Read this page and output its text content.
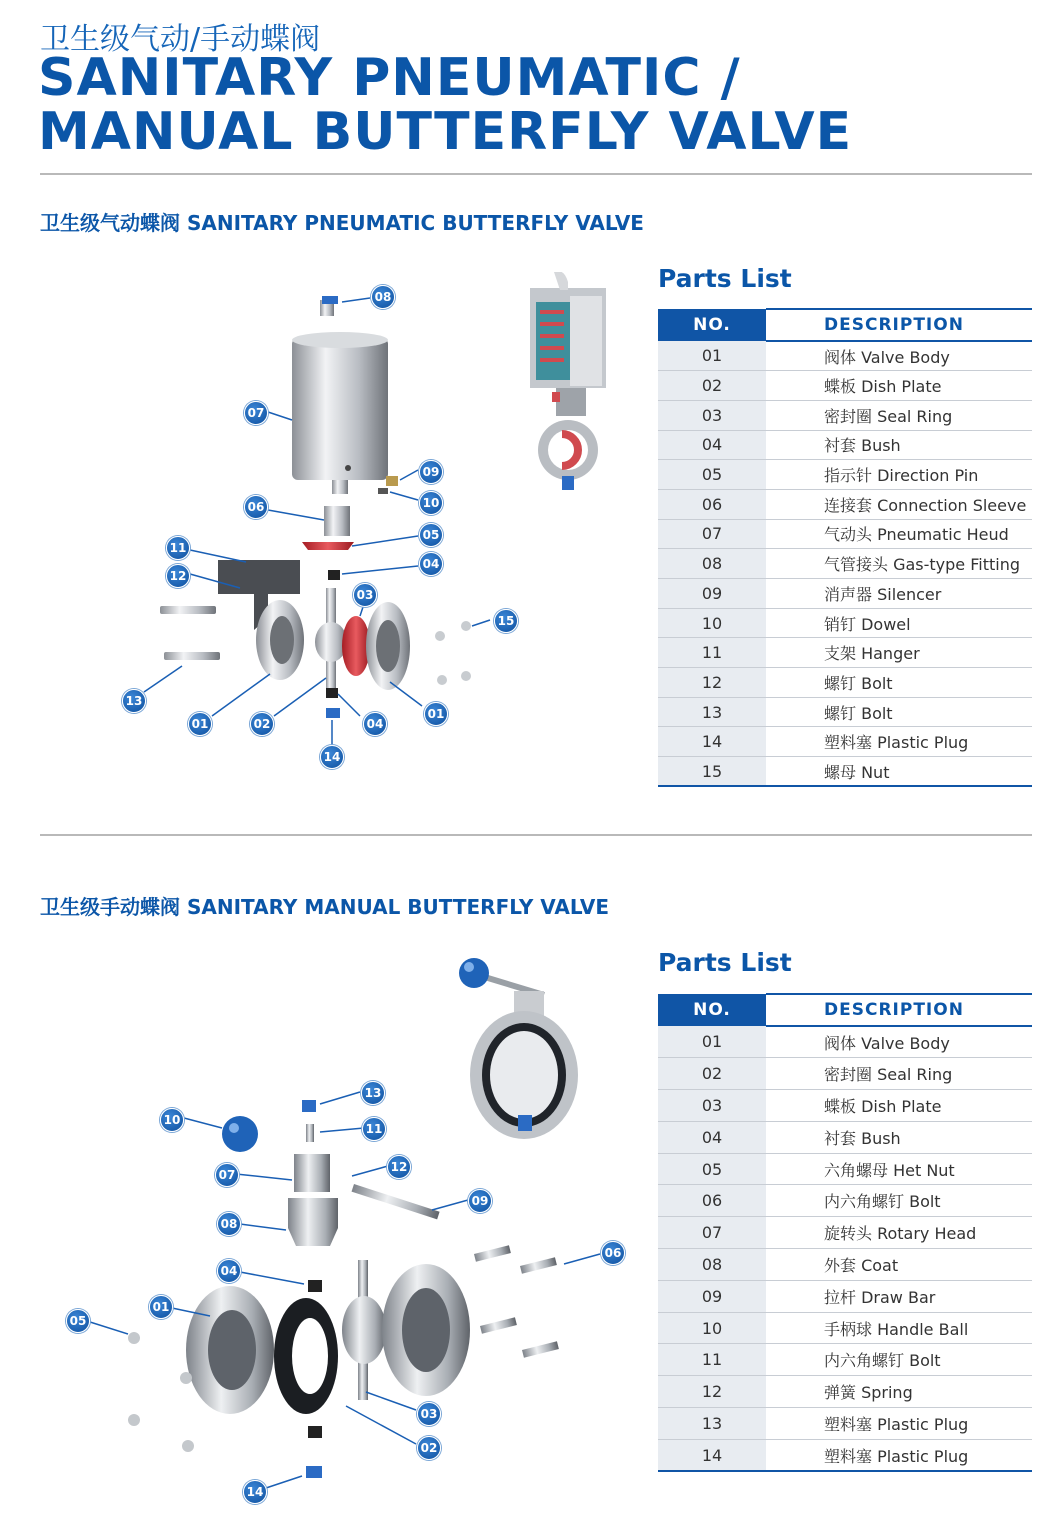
卫生级气动/手动蝶阀
SANITARY PNEUMATIC /
MANUAL BUTTERFLY VALVE
卫生级气动蝶阀 SANITARY PNEUMATIC BUTTERFLY VALVE
08
07
09
10
06
05
11
04
12
03
15
13
01	02	04
01
14
Parts List
NO.	DESCRIPTION
01	阀体 Valve Body
02	蝶板 Dish Plate
03	密封圈 Seal Ring
04	衬套 Bush
05	指示针 Direction Pin
06	连接套 Connection Sleeve
07	气动头 Pneumatic Heud
08	气管接头 Gas-type Fitting
09	消声器 Silencer
10	销钉 Dowel
11	支架 Hanger
12	螺钉 Bolt
13	螺钉 Bolt
14	塑料塞 Plastic Plug
15	螺母 Nut
卫生级手动蝶阀 SANITARY MANUAL BUTTERFLY VALVE
13
10
11
12
07
09
08
06
04
05
01
03
02
14
Parts List
NO.	DESCRIPTION
01	阀体 Valve Body
02	密封圈 Seal Ring
03	蝶板 Dish Plate
04	衬套 Bush
05	六角螺母 Het Nut
06	内六角螺钉 Bolt
07	旋转头 Rotary Head
08	外套 Coat
09	拉杆 Draw Bar
10	手柄球 Handle Ball
11	内六角螺钉 Bolt
12	弹簧 Spring
13	塑料塞 Plastic Plug
14	塑料塞 Plastic Plug
